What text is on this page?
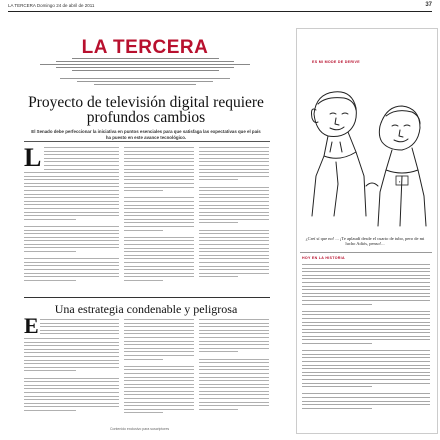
LA TERCERA Domingo 24 de abril de 2011	37
LA TERCERA
Proyecto de televisión digital requiere profundos cambios
El Senado debe perfeccionar la iniciativa en puntos esenciales para que satisfaga las expectativas que el país ha puesto en este avance tecnológico.
L
Una estrategia condenable y peligrosa
E
Contenido exclusivo para suscriptores
ES MI MODE DE DERIVE
▪
¿Creí sí que no! ... ¡Te aplaudí desde el cuarto de tubo, pero de mi lucho Adiós, penso!...
HOY EN LA HISTORIA
